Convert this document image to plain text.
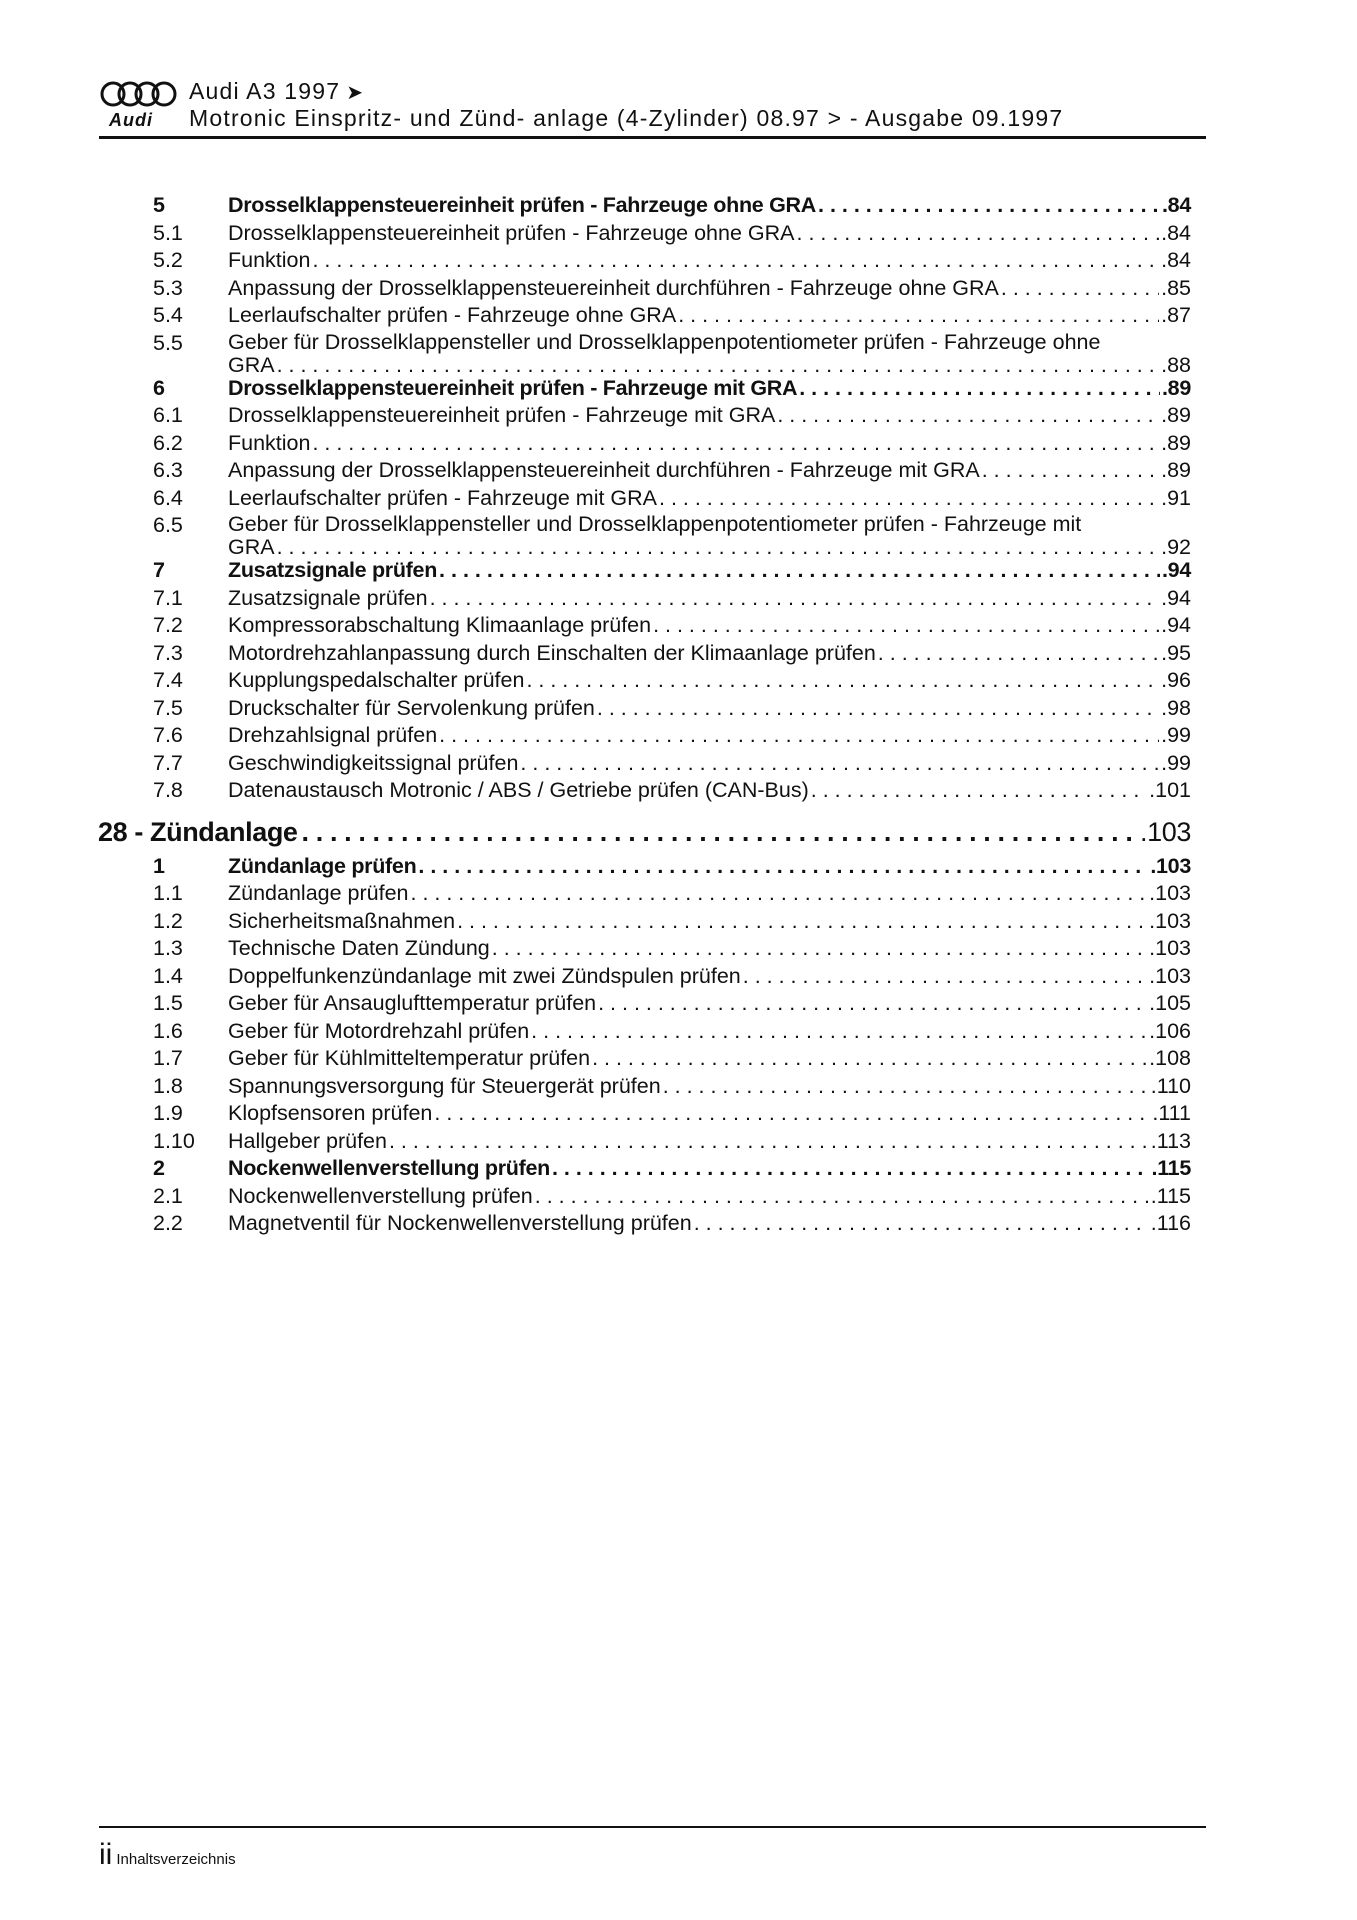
Audi
Audi A3 1997 ➤
Motronic Einspritz- und Zünd- anlage (4-Zylinder) 08.97 > - Ausgabe 09.1997
5	Drosselklappensteuereinheit prüfen - Fahrzeuge ohne GRA . . .	.84
5.1 Drosselklappensteuereinheit prüfen - Fahrzeuge ohne GRA . . .	.84
5.2 Funktion . . .	.84
5.3 Anpassung der Drosselklappensteuereinheit durchführen - Fahrzeuge ohne GRA . . .	.85
5.4 Leerlaufschalter prüfen - Fahrzeuge ohne GRA . . .	.87
5.5 Geber für Drosselklappensteller und Drosselklappenpotentiometer prüfen - Fahrzeuge ohne
GRA . . .	.88
6	Drosselklappensteuereinheit prüfen - Fahrzeuge mit GRA . . .	.89
6.1 Drosselklappensteuereinheit prüfen - Fahrzeuge mit GRA . . .	.89
6.2 Funktion . . .	.89
6.3 Anpassung der Drosselklappensteuereinheit durchführen - Fahrzeuge mit GRA . . .	.89
6.4 Leerlaufschalter prüfen - Fahrzeuge mit GRA . . .	.91
6.5 Geber für Drosselklappensteller und Drosselklappenpotentiometer prüfen - Fahrzeuge mit
GRA . . .	.92
7	Zusatzsignale prüfen . . .	.94
7.1 Zusatzsignale prüfen . . .	.94
7.2 Kompressorabschaltung Klimaanlage prüfen . . .	.94
7.3 Motordrehzahlanpassung durch Einschalten der Klimaanlage prüfen . . .	.95
7.4 Kupplungspedalschalter prüfen . . .	.96
7.5 Druckschalter für Servolenkung prüfen . . .	.98
7.6 Drehzahlsignal prüfen . . .	.99
7.7 Geschwindigkeitssignal prüfen . . .	.99
7.8 Datenaustausch Motronic / ABS / Getriebe prüfen (CAN-Bus) . . .	.101
28 - Zündanlage . . .	.103
1	Zündanlage prüfen . . .	.103
1.1 Zündanlage prüfen . . .	.103
1.2 Sicherheitsmaßnahmen . . .	.103
1.3 Technische Daten Zündung . . .	.103
1.4 Doppelfunkenzündanlage mit zwei Zündspulen prüfen . . .	.103
1.5 Geber für Ansauglufttemperatur prüfen . . .	.105
1.6 Geber für Motordrehzahl prüfen . . .	.106
1.7 Geber für Kühlmitteltemperatur prüfen . . .	.108
1.8 Spannungsversorgung für Steuergerät prüfen . . .	.110
1.9 Klopfsensoren prüfen . . .	.111
1.10 Hallgeber prüfen . . .	.113
2	Nockenwellenverstellung prüfen . . .	.115
2.1 Nockenwellenverstellung prüfen . . .	.115
2.2 Magnetventil für Nockenwellenverstellung prüfen . . .	.116
ii Inhaltsverzeichnis
